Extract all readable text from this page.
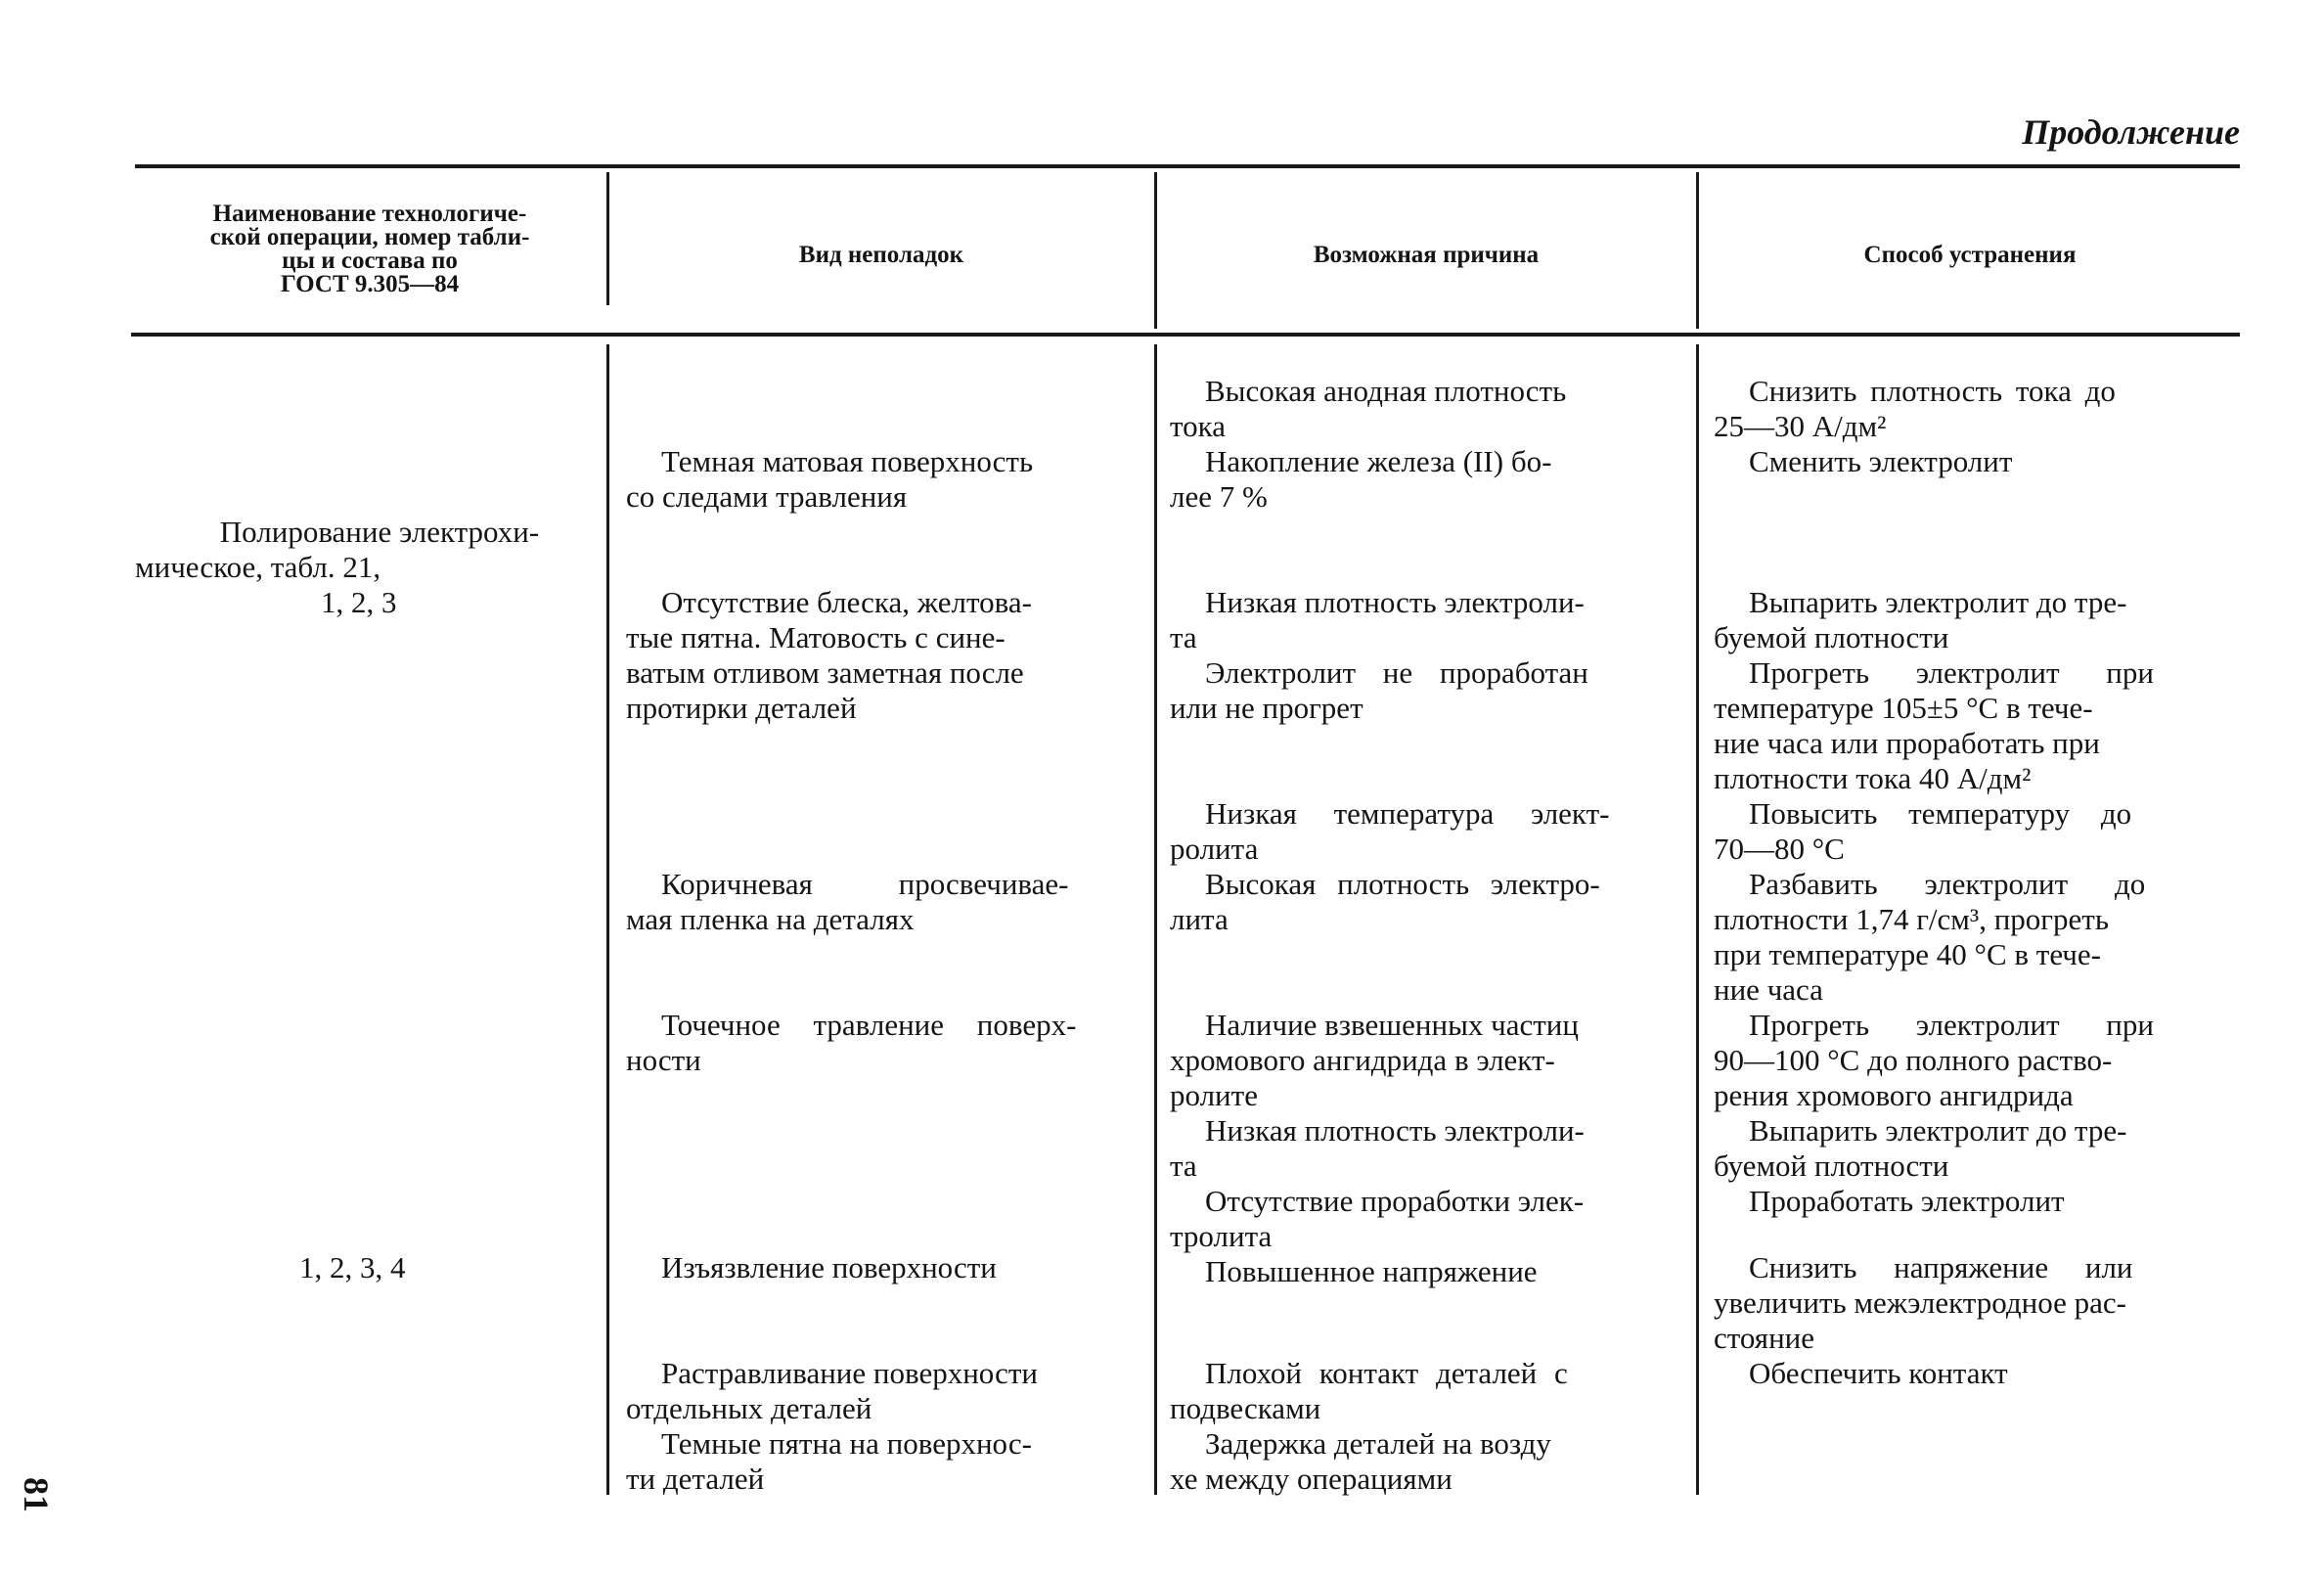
Продолжение
Наименование технологиче-
ской операции, номер табли-
цы и состава по
ГОСТ 9.305—84
Вид неполадок	Возможная причина	Способ устранения
Полирование электрохи-
мическое, табл. 21,
1, 2, 3
1, 2, 3, 4
Темная матовая поверхность
со следами травления
Отсутствие блеска, желтова-
тые пятна. Матовость с сине-
ватым отливом заметная после
протирки деталей
Коричневая просвечивае-
мая пленка на деталях
Точечное травление поверх-
ности
Изъязвление поверхности
Растравливание поверхности
отдельных деталей
Темные пятна на поверхнос-
ти деталей
Высокая анодная плотность
тока
Накопление железа (II) бо-
лее 7 %
Низкая плотность электроли-
та
Электролит не проработан
или не прогрет
Низкая температура элект-
ролита
Высокая плотность электро-
лита
Наличие взвешенных частиц
хромового ангидрида в элект-
ролите
Низкая плотность электроли-
та
Отсутствие проработки элек-
тролита
Повышенное напряжение
Плохой контакт деталей с
подвесками
Задержка деталей на возду
хе между операциями
Снизить плотность тока до
25—30 А/дм²
Сменить электролит
Выпарить электролит до тре-
буемой плотности
Прогреть электролит при
температуре 105±5 °С в тече-
ние часа или проработать при
плотности тока 40 А/дм²
Повысить температуру до
70—80 °С
Разбавить электролит до
плотности 1,74 г/см³, прогреть
при температуре 40 °С в тече-
ние часа
Прогреть электролит при
90—100 °С до полного раство-
рения хромового ангидрида
Выпарить электролит до тре-
буемой плотности
Проработать электролит
Снизить напряжение или
увеличить межэлектродное рас-
стояние
Обеспечить контакт
81
